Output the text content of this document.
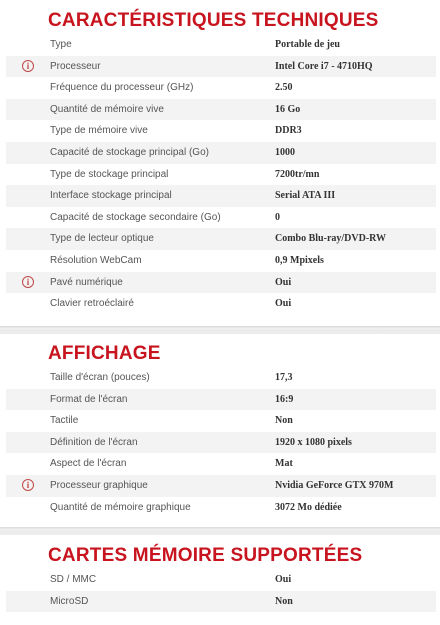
CARACTÉRISTIQUES TECHNIQUES
Type	Portable de jeu
i	Processeur	Intel Core i7 - 4710HQ
Fréquence du processeur (GHz)	2.50
Quantité de mémoire vive	16 Go
Type de mémoire vive	DDR3
Capacité de stockage principal (Go)	1000
Type de stockage principal	7200tr/mn
Interface stockage principal	Serial ATA III
Capacité de stockage secondaire (Go)	0
Type de lecteur optique	Combo Blu-ray/DVD-RW
Résolution WebCam	0,9 Mpixels
i	Pavé numérique	Oui
Clavier retroéclairé	Oui
AFFICHAGE
Taille d'écran (pouces)	17,3
Format de l'écran	16:9
Tactile	Non
Définition de l'écran	1920 x 1080 pixels
Aspect de l'écran	Mat
i	Processeur graphique	Nvidia GeForce GTX 970M
Quantité de mémoire graphique	3072 Mo dédiée
CARTES MÉMOIRE SUPPORTÉES
SD / MMC	Oui
MicroSD	Non
